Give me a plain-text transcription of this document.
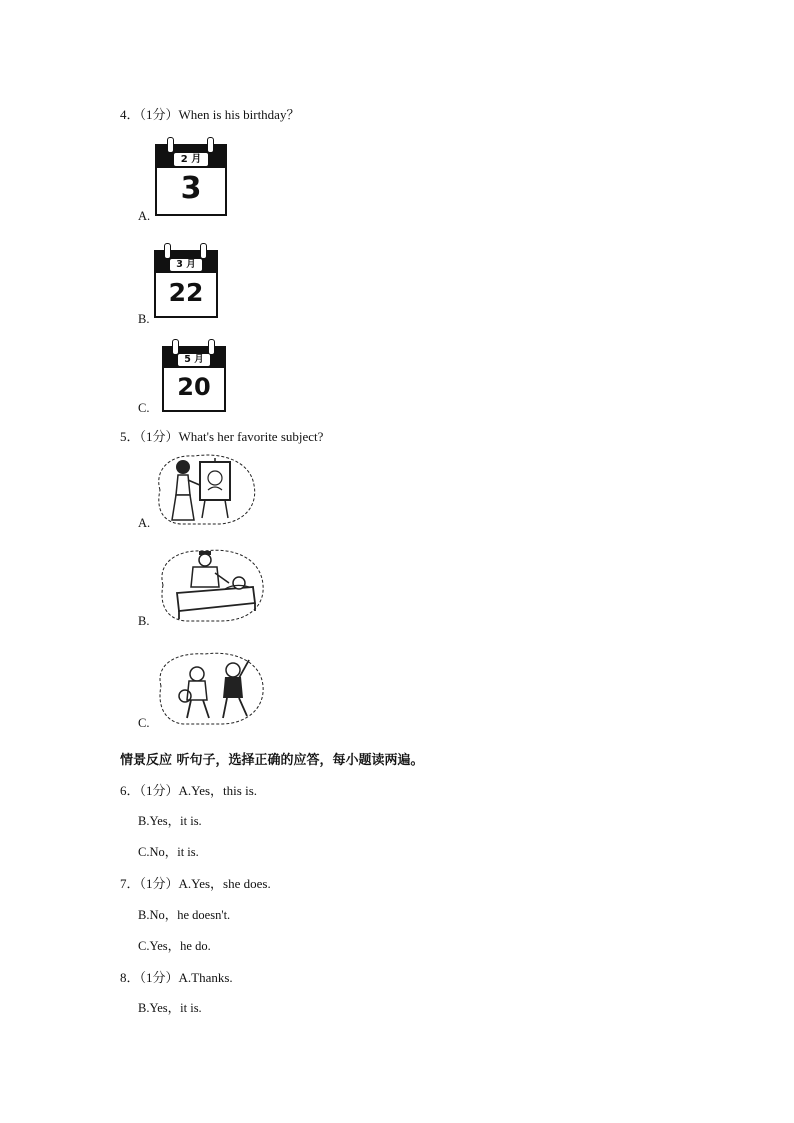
4．（1分）When is his birthday？
2 月
3
A.
3 月
22
B.
5 月
20
C.
5．（1分）What's her favorite subject?
A.
B.
C.
情景反应 听句子，选择正确的应答，每小题读两遍。
6．（1分）A.Yes，this is.
B.Yes，it is.
C.No，it is.
7．（1分）A.Yes，she does.
B.No，he doesn't.
C.Yes，he do.
8．（1分）A.Thanks.
B.Yes，it is.
